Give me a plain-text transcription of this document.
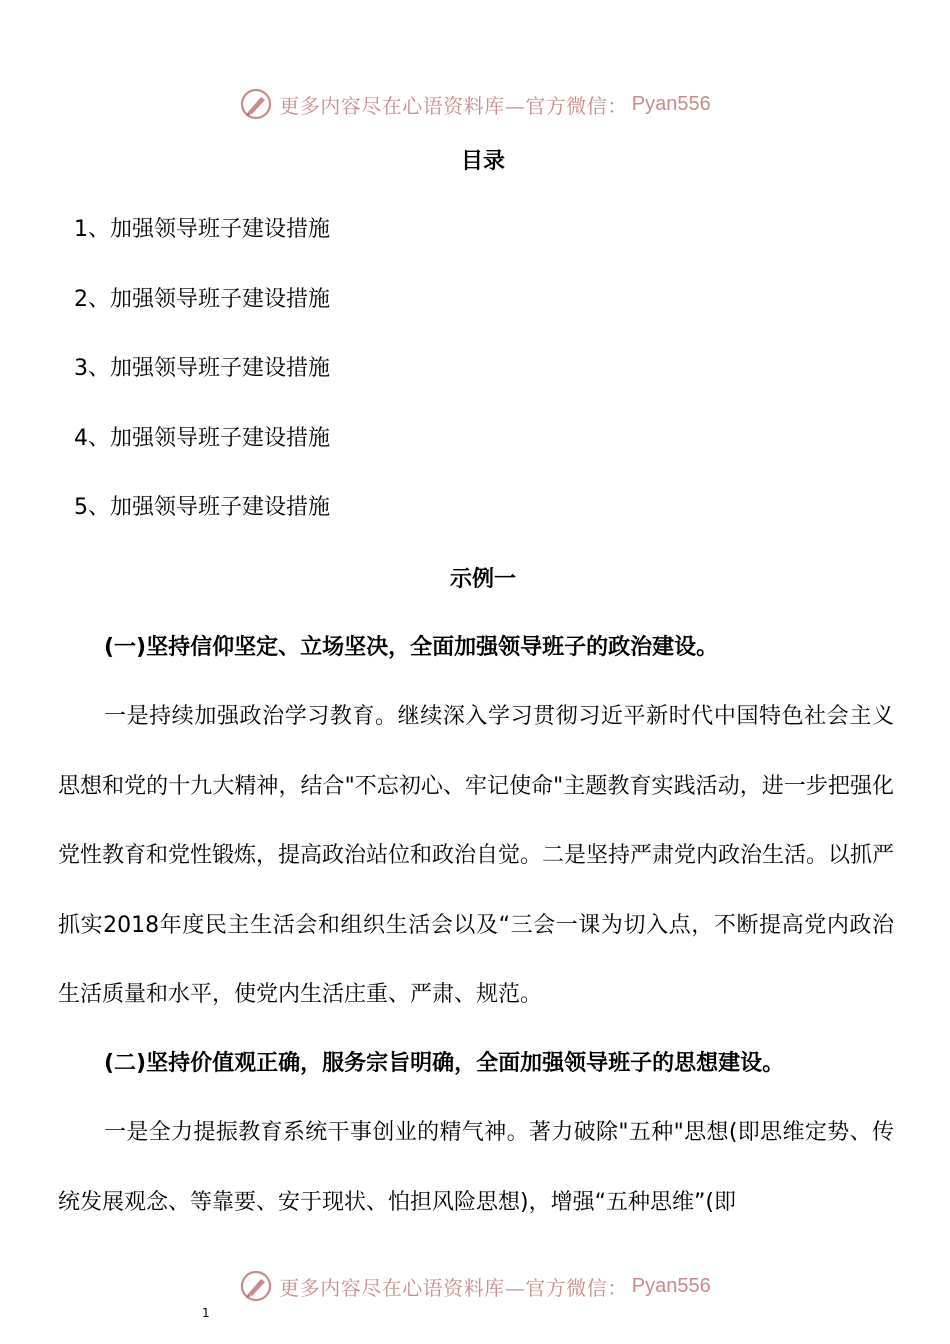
更多内容尽在心语资料库—官方微信： Pyan556
目录
1、加强领导班子建设措施
2、加强领导班子建设措施
3、加强领导班子建设措施
4、加强领导班子建设措施
5、加强领导班子建设措施
示例一
(一)坚持信仰坚定、立场坚决，全面加强领导班子的政治建设。

一是持续加强政治学习教育。继续深入学习贯彻习近平新时代中国特色社会主义思想和党的十九大精神，结合"不忘初心、牢记使命"主题教育实践活动，进一步把强化党性教育和党性锻炼，提高政治站位和政治自觉。二是坚持严肃党内政治生活。以抓严抓实2018年度民主生活会和组织生活会以及“三会一课为切入点，不断提高党内政治生活质量和水平，使党内生活庄重、严肃、规范。

(二)坚持价值观正确，服务宗旨明确，全面加强领导班子的思想建设。

一是全力提振教育系统干事创业的精气神。著力破除"五种"思想(即思维定势、传统发展观念、等靠要、安于现状、怕担风险思想)，增强“五种思维”(即

更多内容尽在心语资料库—官方微信： Pyan556
1
